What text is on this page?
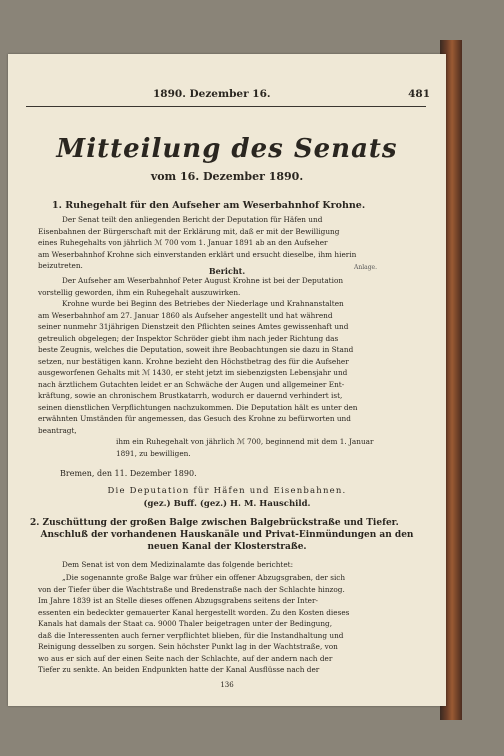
1890. Dezember 16.	481
Mitteilung des Senats
vom 16. Dezember 1890.
1. Ruhegehalt für den Aufseher am Weserbahnhof Krohne.
Der Senat teilt den anliegenden Bericht der Deputation für Häfen und
Eisenbahnen der Bürgerschaft mit der Erklärung mit, daß er mit der Bewilligung
eines Ruhegehalts von jährlich ℳ 700 vom 1. Januar 1891 ab an den Aufseher
am Weserbahnhof Krohne sich einverstanden erklärt und ersucht dieselbe, ihm hierin
beizutreten.
Bericht.	Anlage.
Der Aufseher am Weserbahnhof Peter August Krohne ist bei der Deputation
vorstellig geworden, ihm ein Ruhegehalt auszuwirken.
Krohne wurde bei Beginn des Betriebes der Niederlage und Krahnanstalten
am Weserbahnhof am 27. Januar 1860 als Aufseher angestellt und hat während
seiner nunmehr 31jährigen Dienstzeit den Pflichten seines Amtes gewissenhaft und
getreulich obgelegen; der Inspektor Schröder giebt ihm nach jeder Richtung das
beste Zeugnis, welches die Deputation, soweit ihre Beobachtungen sie dazu in Stand
setzen, nur bestätigen kann. Krohne bezieht den Höchstbetrag des für die Aufseher
ausgeworfenen Gehalts mit ℳ 1430, er steht jetzt im siebenzigsten Lebensjahr und
nach ärztlichem Gutachten leidet er an Schwäche der Augen und allgemeiner Ent-
kräftung, sowie an chronischem Brustkatarrh, wodurch er dauernd verhindert ist,
seinen dienstlichen Verpflichtungen nachzukommen. Die Deputation hält es unter den
erwähnten Umständen für angemessen, das Gesuch des Krohne zu befürworten und
beantragt,
ihm ein Ruhegehalt von jährlich ℳ 700, beginnend mit dem 1. Januar
1891, zu bewilligen.
Bremen, den 11. Dezember 1890.
Die Deputation für Häfen und Eisenbahnen.
(gez.) Buff. (gez.) H. M. Hauschild.
2. Zuschüttung der großen Balge zwischen Balgebrückstraße und Tiefer.
Anschluß der vorhandenen Hauskanäle und Privat-Einmündungen an den
neuen Kanal der Klosterstraße.
Dem Senat ist von dem Medizinalamte das folgende berichtet:
„Die sogenannte große Balge war früher ein offener Abzugsgraben, der sich
von der Tiefer über die Wachtstraße und Bredenstraße nach der Schlachte hinzog.
Im Jahre 1839 ist an Stelle dieses offenen Abzugsgrabens seitens der Inter-
essenten ein bedeckter gemauerter Kanal hergestellt worden. Zu den Kosten dieses
Kanals hat damals der Staat ca. 9000 Thaler beigetragen unter der Bedingung,
daß die Interessenten auch ferner verpflichtet blieben, für die Instandhaltung und
Reinigung desselben zu sorgen. Sein höchster Punkt lag in der Wachtstraße, von
wo aus er sich auf der einen Seite nach der Schlachte, auf der andern nach der
Tiefer zu senkte. An beiden Endpunkten hatte der Kanal Ausflüsse nach der
136
